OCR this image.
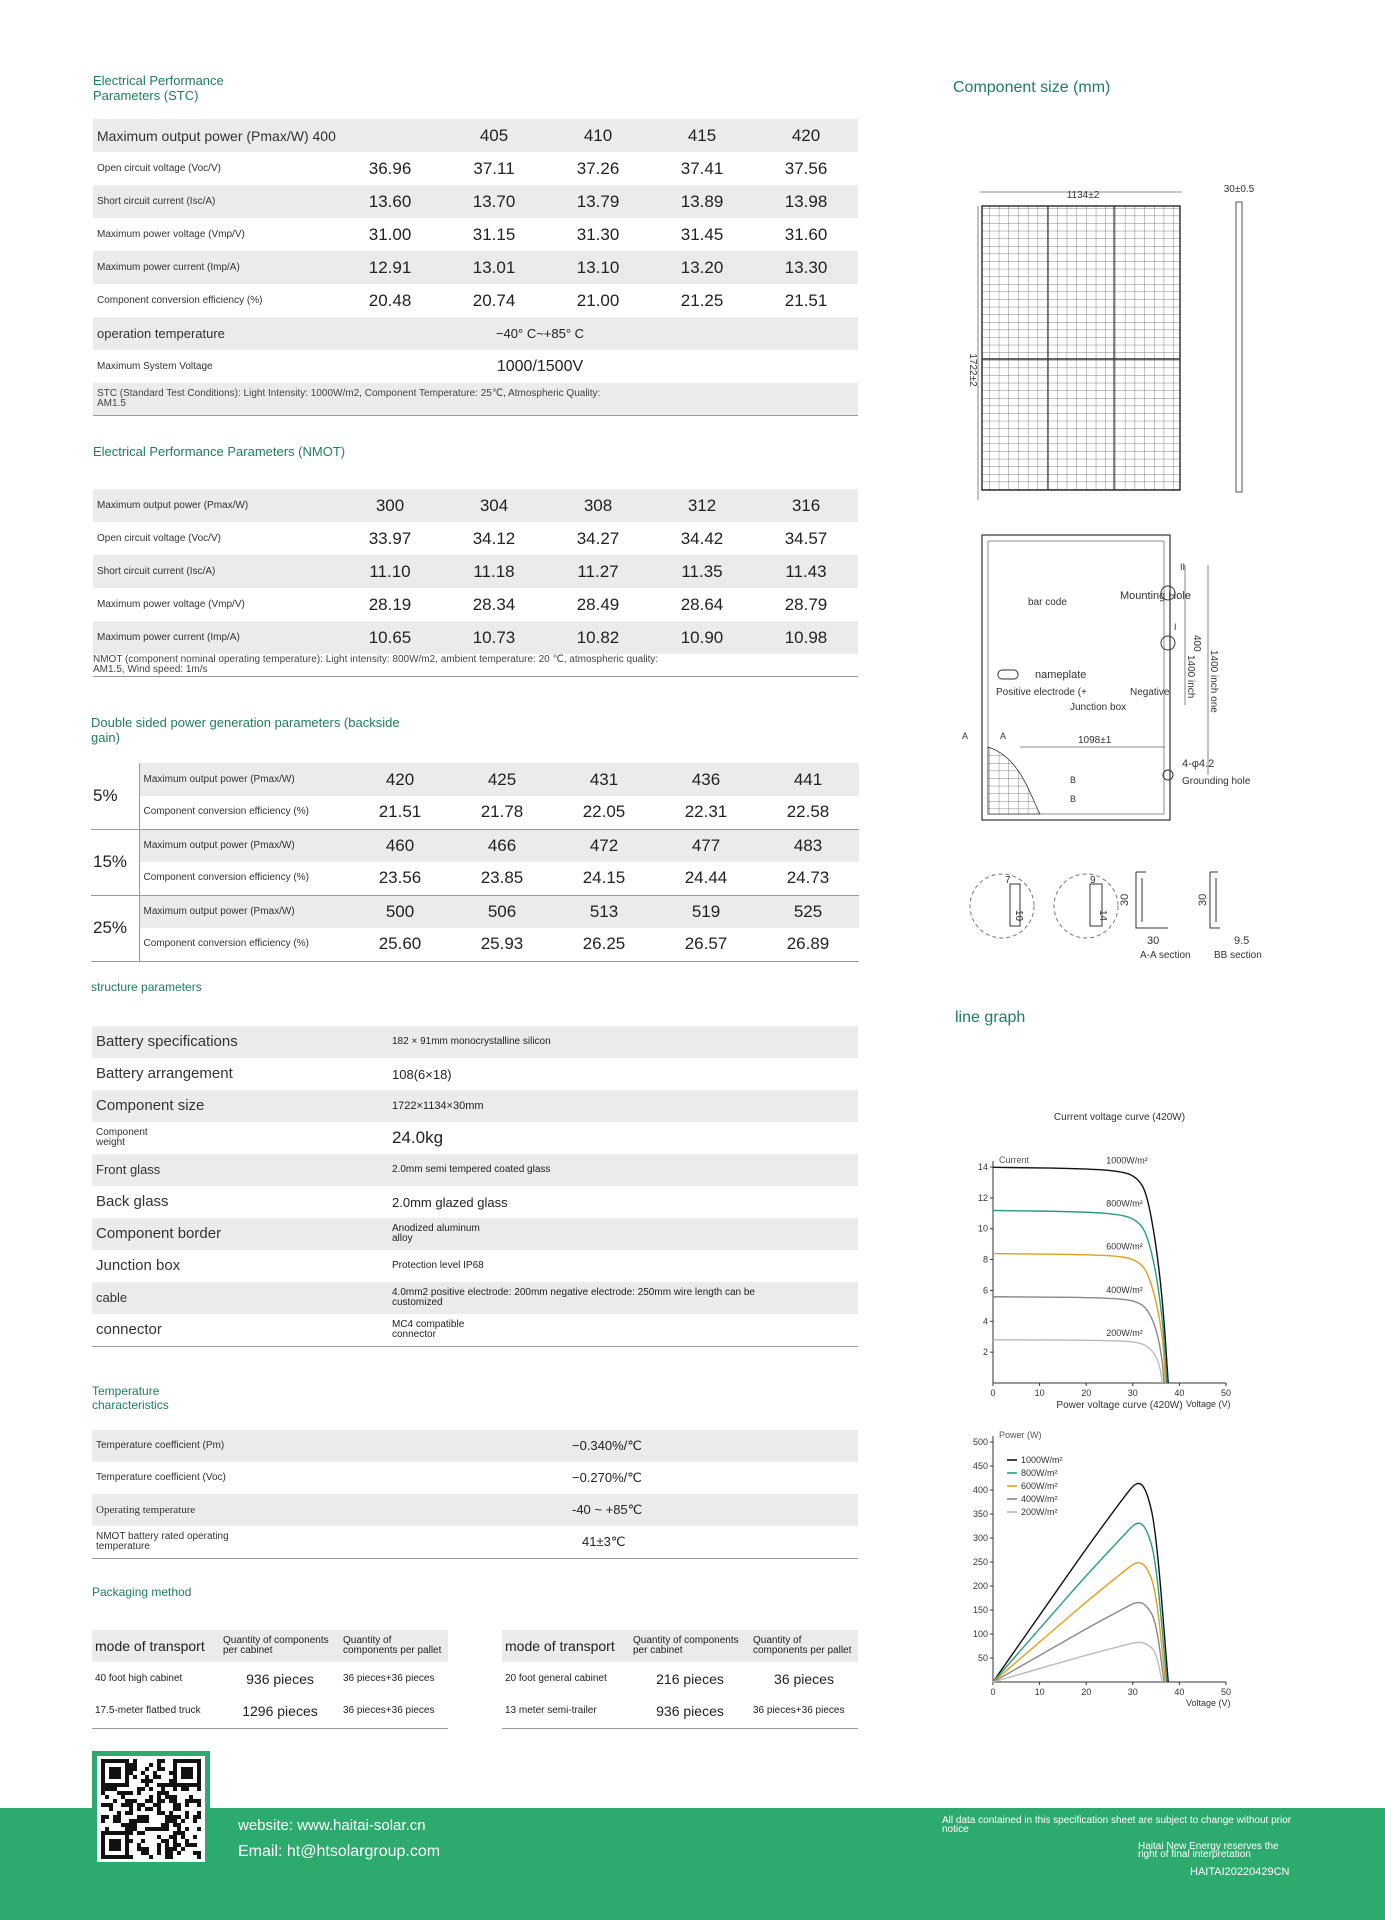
Electrical Performance Parameters (STC)
Maximum output power (Pmax/W) 400		405	410	415	420
Open circuit voltage (Voc/V)	36.96	37.11	37.26	37.41	37.56
Short circuit current (Isc/A)	13.60	13.70	13.79	13.89	13.98
Maximum power voltage (Vmp/V)	31.00	31.15	31.30	31.45	31.60
Maximum power current (Imp/A)	12.91	13.01	13.10	13.20	13.30
Component conversion efficiency (%)	20.48	20.74	21.00	21.25	21.51
operation temperature	−40° C~+85° C				
Maximum System Voltage	1000/1500V				
STC (Standard Test Conditions): Light Intensity: 1000W/m2, Component Temperature: 25℃, Atmospheric Quality: AM1.5					
Electrical Performance Parameters (NMOT)
Maximum output power (Pmax/W)	300	304	308	312	316
Open circuit voltage (Voc/V)	33.97	34.12	34.27	34.42	34.57
Short circuit current (Isc/A)	11.10	11.18	11.27	11.35	11.43
Maximum power voltage (Vmp/V)	28.19	28.34	28.49	28.64	28.79
Maximum power current (Imp/A)	10.65	10.73	10.82	10.90	10.98
NMOT (component nominal operating temperature): Light intensity: 800W/m2, ambient temperature: 20 ℃, atmospheric quality: AM1.5, Wind speed: 1m/s					
Double sided power generation parameters (backside gain)
5%	Maximum output power (Pmax/W)	420	425	431	436	441
	Component conversion efficiency (%)	21.51	21.78	22.05	22.31	22.58
15%	Maximum output power (Pmax/W)	460	466	472	477	483
	Component conversion efficiency (%)	23.56	23.85	24.15	24.44	24.73
25%	Maximum output power (Pmax/W)	500	506	513	519	525
	Component conversion efficiency (%)	25.60	25.93	26.25	26.57	26.89
structure parameters
Battery specifications	182 × 91mm monocrystalline silicon
Battery arrangement	108(6×18)
Component size	1722×1134×30mm
Component weight	24.0kg
Front glass	2.0mm semi tempered coated glass
Back glass	2.0mm glazed glass
Component border	Anodized aluminum alloy
Junction box	Protection level IP68
cable	4.0mm2 positive electrode: 200mm negative electrode: 250mm wire length can be customized
connector	MC4 compatible connector
Temperature characteristics
Temperature coefficient (Pm)	−0.340%/℃
Temperature coefficient (Voc)	−0.270%/℃
Operating temperature	-40 ~ +85℃
NMOT battery rated operating temperature	41±3℃
Packaging method
mode of transport	Quantity of components per cabinet	Quantity of components per pallet
40 foot high cabinet	936 pieces	36 pieces+36 pieces
17.5-meter flatbed truck	1296 pieces	36 pieces+36 pieces
mode of transport	Quantity of components per cabinet	Quantity of components per pallet
20 foot general cabinet	216 pieces	36 pieces
13 meter semi-trailer	936 pieces	36 pieces+36 pieces
Component size (mm)
1134±2
1722±2
30±0.5
II
I
Mounting Hole
bar code
nameplate
Positive electrode (+	Negative
Junction box
1098±1
A	A
B
B
4-φ4.2
Grounding hole
1400 inch
400
1400 inch one
7
10
9
14
30
30
A-A section
30
9.5
BB section
line graph
Current voltage curve (420W)
0	10	20	30	40	50
2
4
6
8
10
12
14
Voltage (V)
Current	1000W/m²
800W/m²
600W/m²
400W/m²
200W/m²
Power voltage curve (420W)
0	10	20	30	40	50
50
100
150
200
250
300
350
400
450
500
Voltage (V)
Power (W)
1000W/m²
800W/m²
600W/m²
400W/m²
200W/m²
website: www.haitai-solar.cn
Email: ht@htsolargroup.com
All data contained in this specification sheet are subject to change without prior notice
Haitai New Energy reserves the right of final interpretation
HAITAI20220429CN
